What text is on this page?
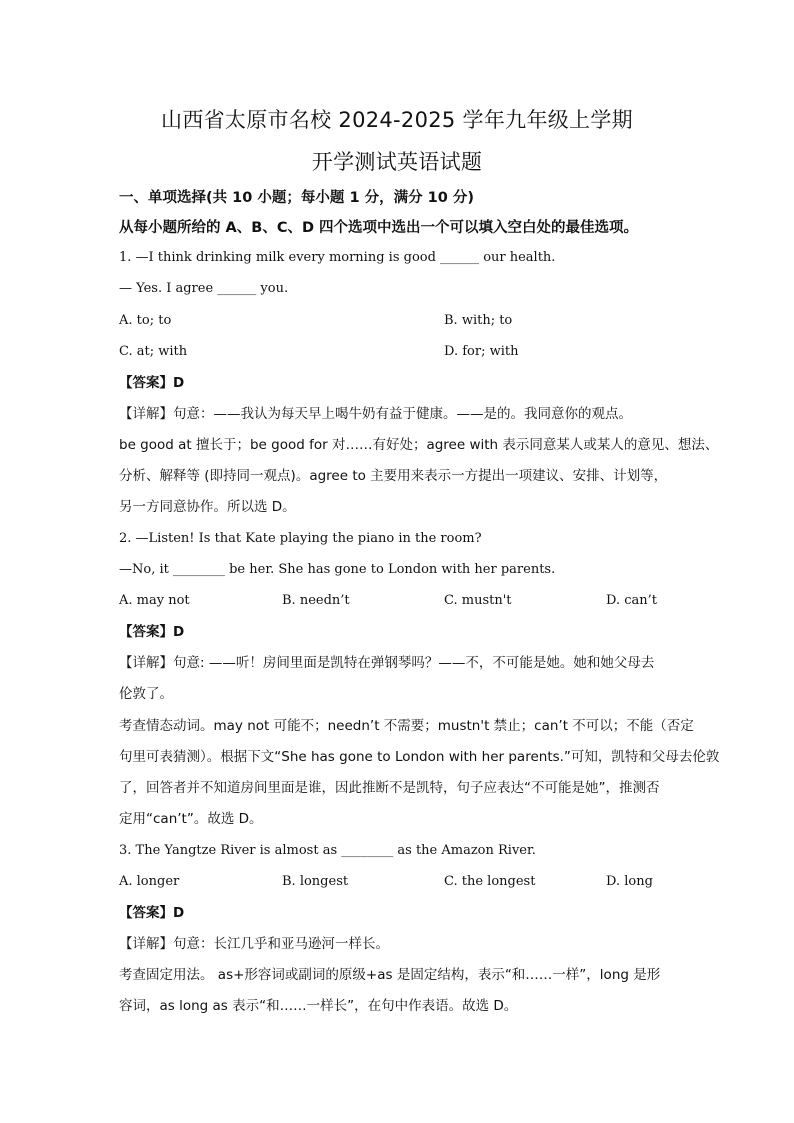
山西省太原市名校 2024-2025 学年九年级上学期
开学测试英语试题
一、单项选择(共 10 小题；每小题 1 分，满分 10 分)
从每小题所给的 A、B、C、D 四个选项中选出一个可以填入空白处的最佳选项。
1. —I think drinking milk every morning is good ______ our health.
— Yes. I agree ______ you.
A. to; to	B. with; to
C. at; with	D. for; with
【答案】D
【详解】句意：——我认为每天早上喝牛奶有益于健康。——是的。我同意你的观点。
be good at 擅长于；be good for 对……有好处；agree with 表示同意某人或某人的意见、想法、
分析、解释等 (即持同一观点)。agree to 主要用来表示一方提出一项建议、安排、计划等，
另一方同意协作。所以选 D。
2. —Listen! Is that Kate playing the piano in the room?
—No, it ________ be her. She has gone to London with her parents.
A. may not	B. needn’t	C. mustn't	D. can’t
【答案】D
【详解】句意: ——听！房间里面是凯特在弹钢琴吗？——不，不可能是她。她和她父母去
伦敦了。
考查情态动词。may not 可能不；needn’t 不需要；mustn't 禁止；can’t 不可以；不能（否定
句里可表猜测）。根据下文“She has gone to London with her parents.”可知，凯特和父母去伦敦
了，回答者并不知道房间里面是谁，因此推断不是凯特，句子应表达“不可能是她”，推测否
定用“can’t”。故选 D。
3. The Yangtze River is almost as ________ as the Amazon River.
A. longer	B. longest	C. the longest	D. long
【答案】D
【详解】句意：长江几乎和亚马逊河一样长。
考查固定用法。 as+形容词或副词的原级+as 是固定结构，表示“和……一样”，long 是形
容词，as long as 表示“和……一样长”，在句中作表语。故选 D。
